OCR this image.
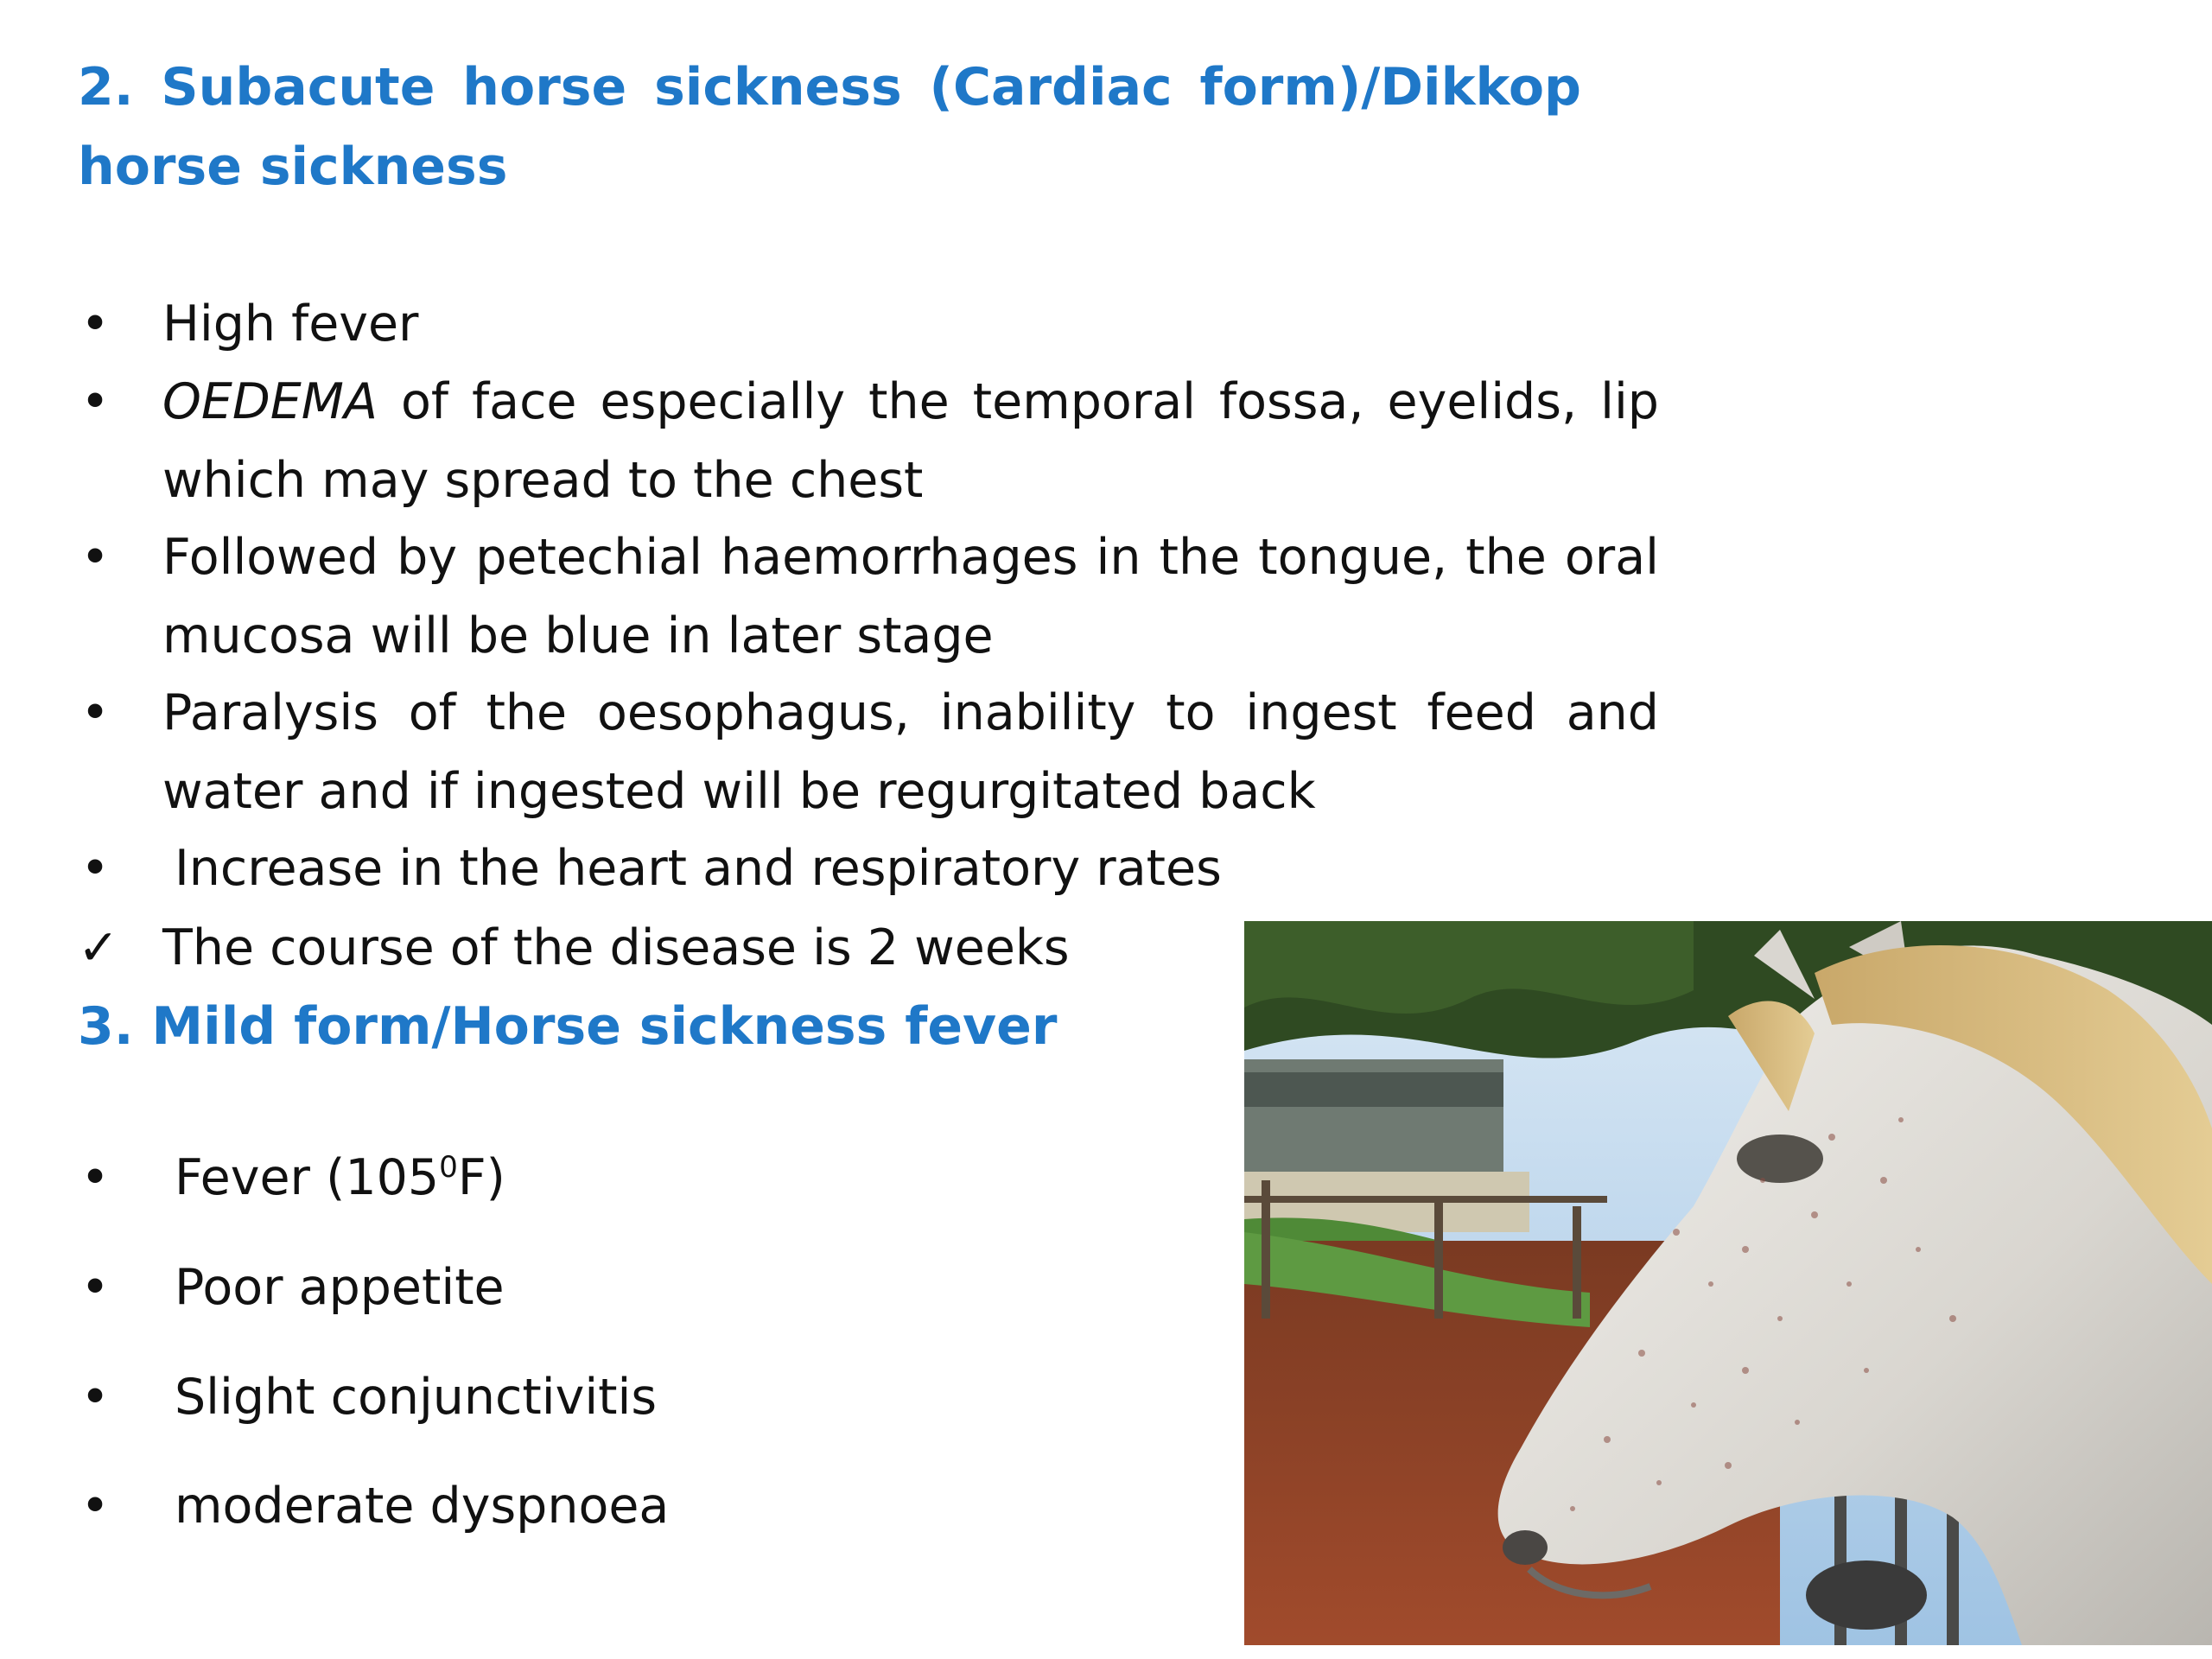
2. Subacute horse sickness (Cardiac form)/Dikkop horse sickness
• High fever
• OEDEMA of face especially the temporal fossa, eyelids, lip which may spread to the chest
• Followed by petechial haemorrhages in the tongue, the oral mucosa will be blue in later stage
• Paralysis of the oesophagus, inability to ingest feed and water and if ingested will be regurgitated back
• Increase in the heart and respiratory rates
✓ The course of the disease is 2 weeks
3. Mild form/Horse sickness fever
• Fever $(105^0F)$
• Poor appetite
• Slight conjunctivitis
• moderate dyspnoea
